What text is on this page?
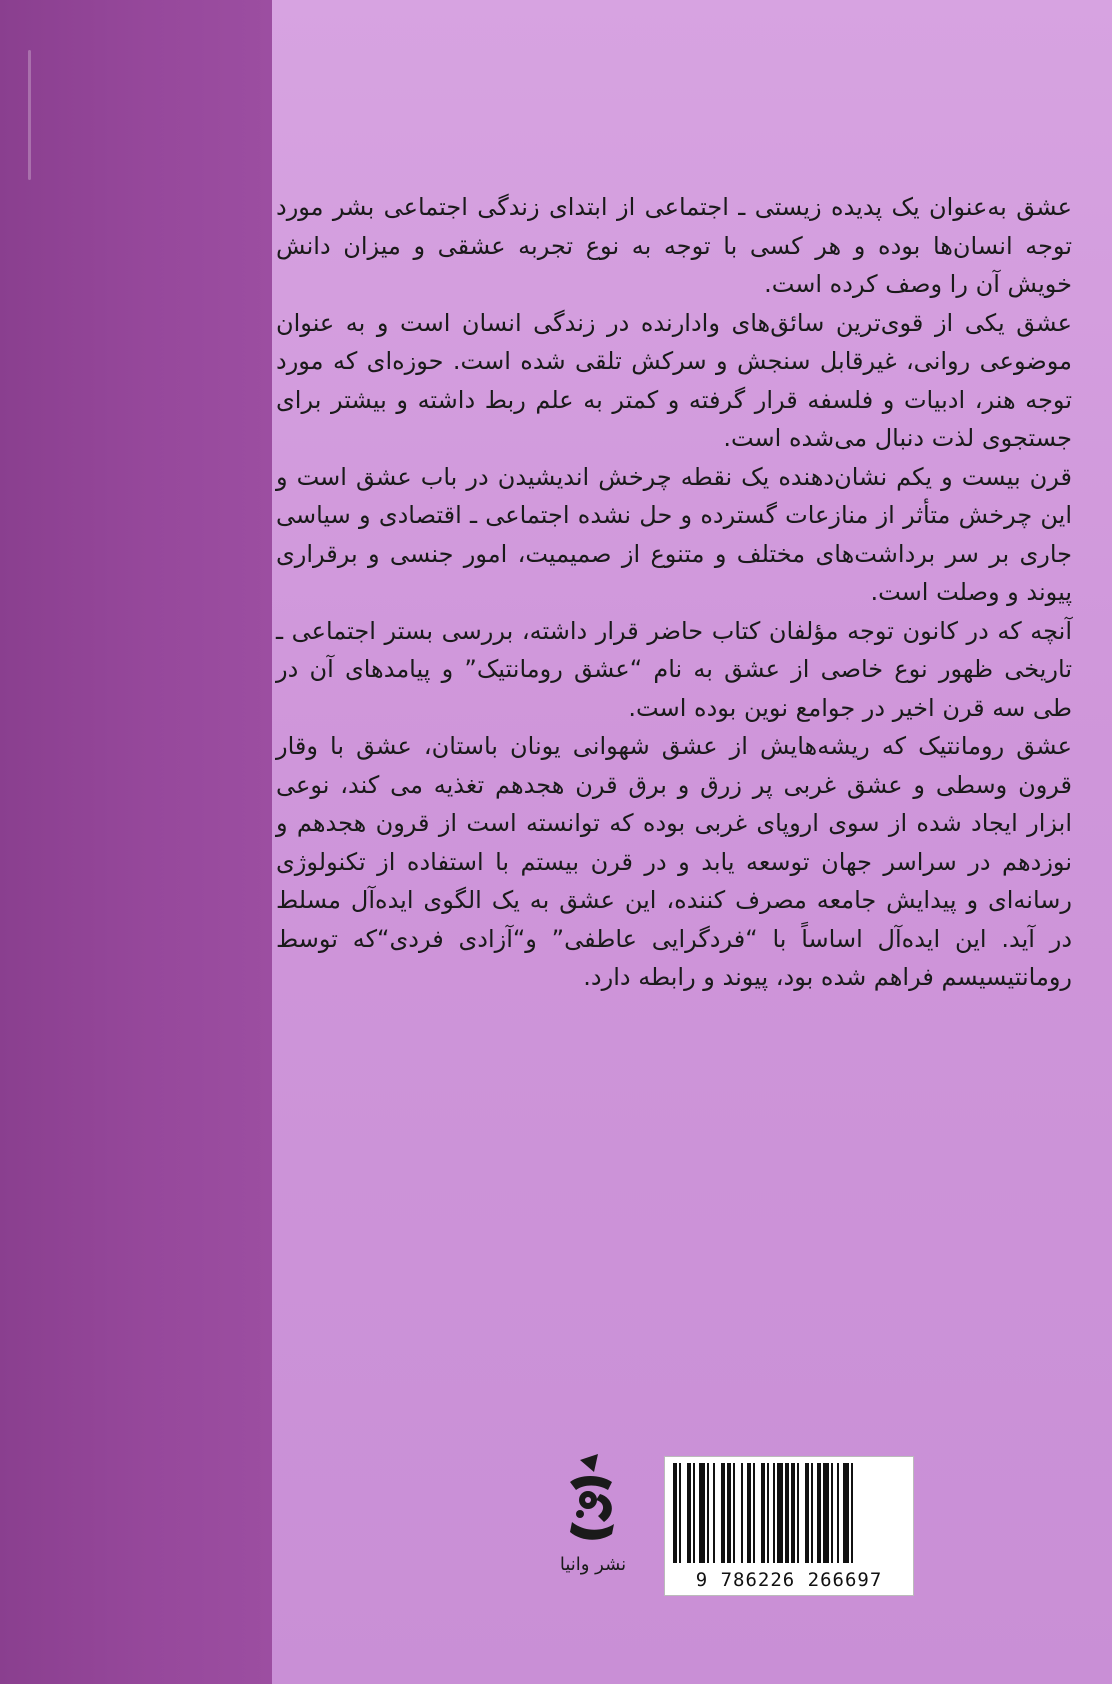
عشق به‌عنوان یک پدیده زیستی ـ اجتماعی از ابتدای زندگی اجتماعی بشر مورد توجه انسان‌ها بوده و هر کسی با توجه به نوع تجربه عشقی و میزان دانش خویش آن را وصف کرده است.

عشق یکی از قوی‌ترین سائق‌های وادارنده در زندگی انسان است و به عنوان موضوعی روانی، غیرقابل سنجش و سرکش تلقی شده است. حوزه‌ای که مورد توجه هنر، ادبیات و فلسفه قرار گرفته و کمتر به علم ربط داشته و بیشتر برای جستجوی لذت دنبال می‌شده است.

قرن بیست و یکم نشان‌دهنده یک نقطه چرخش اندیشیدن در باب عشق است و این چرخش متأثر از منازعات گسترده و حل نشده اجتماعی ـ اقتصادی و سیاسی جاری بر سر برداشت‌های مختلف و متنوع از صمیمیت، امور جنسی و برقراری پیوند و وصلت است.

آنچه که در کانون توجه مؤلفان کتاب حاضر قرار داشته، بررسی بستر اجتماعی ـ تاریخی ظهور نوع خاصی از عشق به نام “عشق رومانتیک” و پیامدهای آن در طی سه قرن اخیر در جوامع نوین بوده است.

عشق رومانتیک که ریشه‌هایش از عشق شهوانی یونان باستان، عشق با وقار قرون وسطی و عشق غربی پر زرق و برق قرن هجدهم تغذیه می کند، نوعی ابزار ایجاد شده از سوی اروپای غربی بوده که توانسته است از قرون هجدهم و نوزدهم در سراسر جهان توسعه یابد و در قرن بیستم با استفاده از تکنولوژی رسانه‌ای و پیدایش جامعه مصرف کننده، این عشق به یک الگوی ایده‌آل مسلط در آید. این ایده‌آل اساساً با “فردگرایی عاطفی” و“آزادی فردی“که توسط رومانتیسیسم فراهم شده بود، پیوند و رابطه دارد.

نشر وانیا
9 786226 266697
